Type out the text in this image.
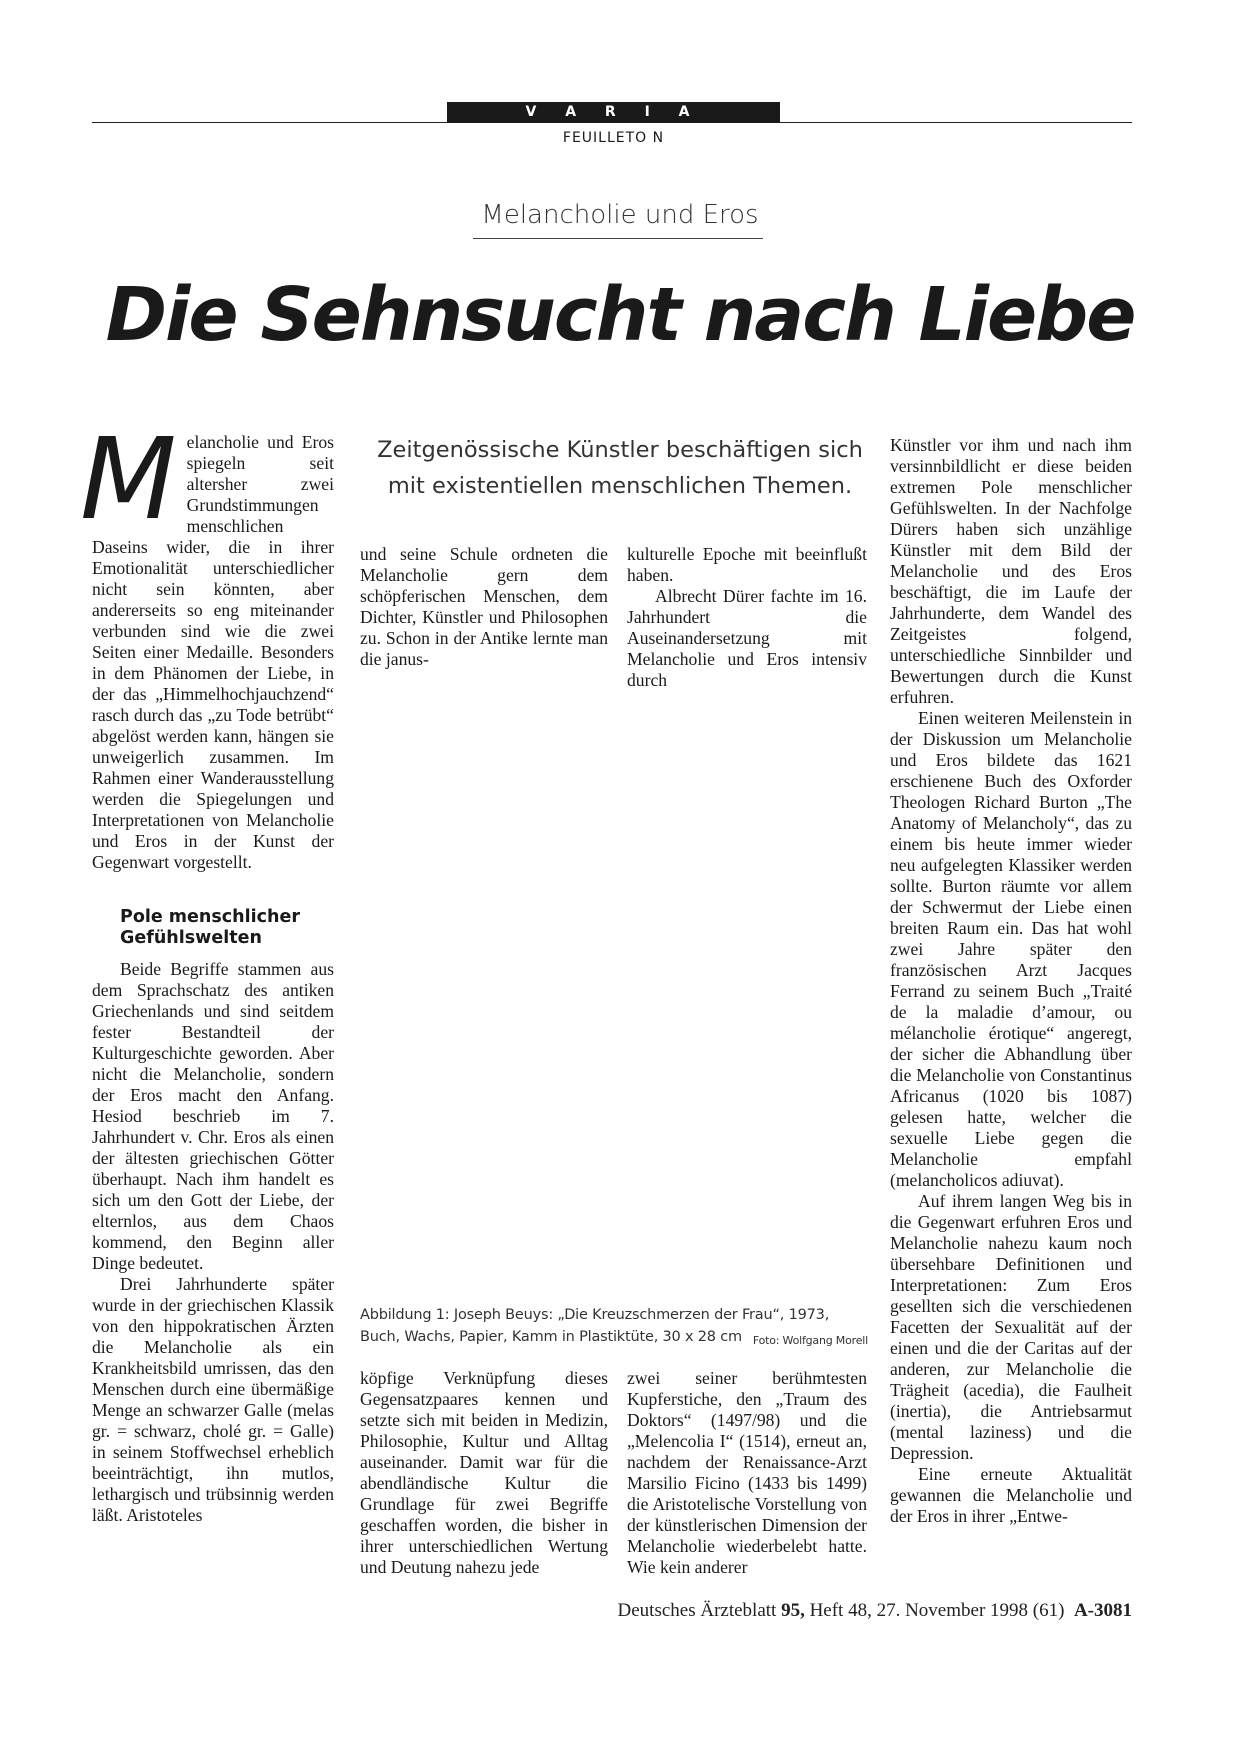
V A R I A
FEUILLETO N
Melancholie und Eros
Die Sehnsucht nach Liebe
Zeitgenössische Künstler beschäftigen sich
mit existentiellen menschlichen Themen.

Melancholie und Eros spiegeln seit altersher zwei Grundstimmungen menschlichen Daseins wider, die in ihrer Emotionalität unterschiedlicher nicht sein könnten, aber andererseits so eng miteinander verbunden sind wie die zwei Seiten einer Medaille. Besonders in dem Phänomen der Liebe, in der das „Himmelhochjauchzend“ rasch durch das „zu Tode betrübt“ abgelöst werden kann, hängen sie unweigerlich zusammen. Im Rahmen einer Wanderausstellung werden die Spiegelungen und Interpretationen von Melancholie und Eros in der Kunst der Gegenwart vorgestellt.

Pole menschlicher Gefühlswelten

Beide Begriffe stammen aus dem Sprachschatz des antiken Griechenlands und sind seitdem fester Bestandteil der Kulturgeschichte geworden. Aber nicht die Melancholie, sondern der Eros macht den Anfang. Hesiod beschrieb im 7. Jahrhundert v. Chr. Eros als einen der ältesten griechischen Götter überhaupt. Nach ihm handelt es sich um den Gott der Liebe, der elternlos, aus dem Chaos kommend, den Beginn aller Dinge bedeutet.

Drei Jahrhunderte später wurde in der griechischen Klassik von den hippokratischen Ärzten die Melancholie als ein Krankheitsbild umrissen, das den Menschen durch eine übermäßige Menge an schwarzer Galle (melas gr. = schwarz, cholé gr. = Galle) in seinem Stoffwechsel erheblich beeinträchtigt, ihn mutlos, lethargisch und trübsinnig werden läßt. Aristoteles

und seine Schule ordneten die Melancholie gern dem schöpferischen Menschen, dem Dichter, Künstler und Philosophen zu. Schon in der Antike lernte man die janus-

kulturelle Epoche mit beeinflußt haben.

Albrecht Dürer fachte im 16. Jahrhundert die Auseinandersetzung mit Melancholie und Eros intensiv durch

Abbildung 1: Joseph Beuys: „Die Kreuzschmerzen der Frau“, 1973, Buch, Wachs, Papier, Kamm in Plastiktüte, 30 x 28 cm Foto: Wolfgang Morell

köpfige Verknüpfung dieses Gegensatzpaares kennen und setzte sich mit beiden in Medizin, Philosophie, Kultur und Alltag auseinander. Damit war für die abendländische Kultur die Grundlage für zwei Begriffe geschaffen worden, die bisher in ihrer unterschiedlichen Wertung und Deutung nahezu jede

zwei seiner berühmtesten Kupferstiche, den „Traum des Doktors“ (1497/98) und die „Melencolia I“ (1514), erneut an, nachdem der Renaissance-Arzt Marsilio Ficino (1433 bis 1499) die Aristotelische Vorstellung von der künstlerischen Dimension der Melancholie wiederbelebt hatte. Wie kein anderer

Künstler vor ihm und nach ihm versinnbildlicht er diese beiden extremen Pole menschlicher Gefühlswelten. In der Nachfolge Dürers haben sich unzählige Künstler mit dem Bild der Melancholie und des Eros beschäftigt, die im Laufe der Jahrhunderte, dem Wandel des Zeitgeistes folgend, unterschiedliche Sinnbilder und Bewertungen durch die Kunst erfuhren.

Einen weiteren Meilenstein in der Diskussion um Melancholie und Eros bildete das 1621 erschienene Buch des Oxforder Theologen Richard Burton „The Anatomy of Melancholy“, das zu einem bis heute immer wieder neu aufgelegten Klassiker werden sollte. Burton räumte vor allem der Schwermut der Liebe einen breiten Raum ein. Das hat wohl zwei Jahre später den französischen Arzt Jacques Ferrand zu seinem Buch „Traité de la maladie d’amour, ou mélancholie érotique“ angeregt, der sicher die Abhandlung über die Melancholie von Constantinus Africanus (1020 bis 1087) gelesen hatte, welcher die sexuelle Liebe gegen die Melancholie empfahl (melancholicos adiuvat).

Auf ihrem langen Weg bis in die Gegenwart erfuhren Eros und Melancholie nahezu kaum noch übersehbare Definitionen und Interpretationen: Zum Eros gesellten sich die verschiedenen Facetten der Sexualität auf der einen und die der Caritas auf der anderen, zur Melancholie die Trägheit (acedia), die Faulheit (inertia), die Antriebsarmut (mental laziness) und die Depression.

Eine erneute Aktualität gewannen die Melancholie und der Eros in ihrer „Entwe-

Deutsches Ärzteblatt 95, Heft 48, 27. November 1998 (61) A-3081
